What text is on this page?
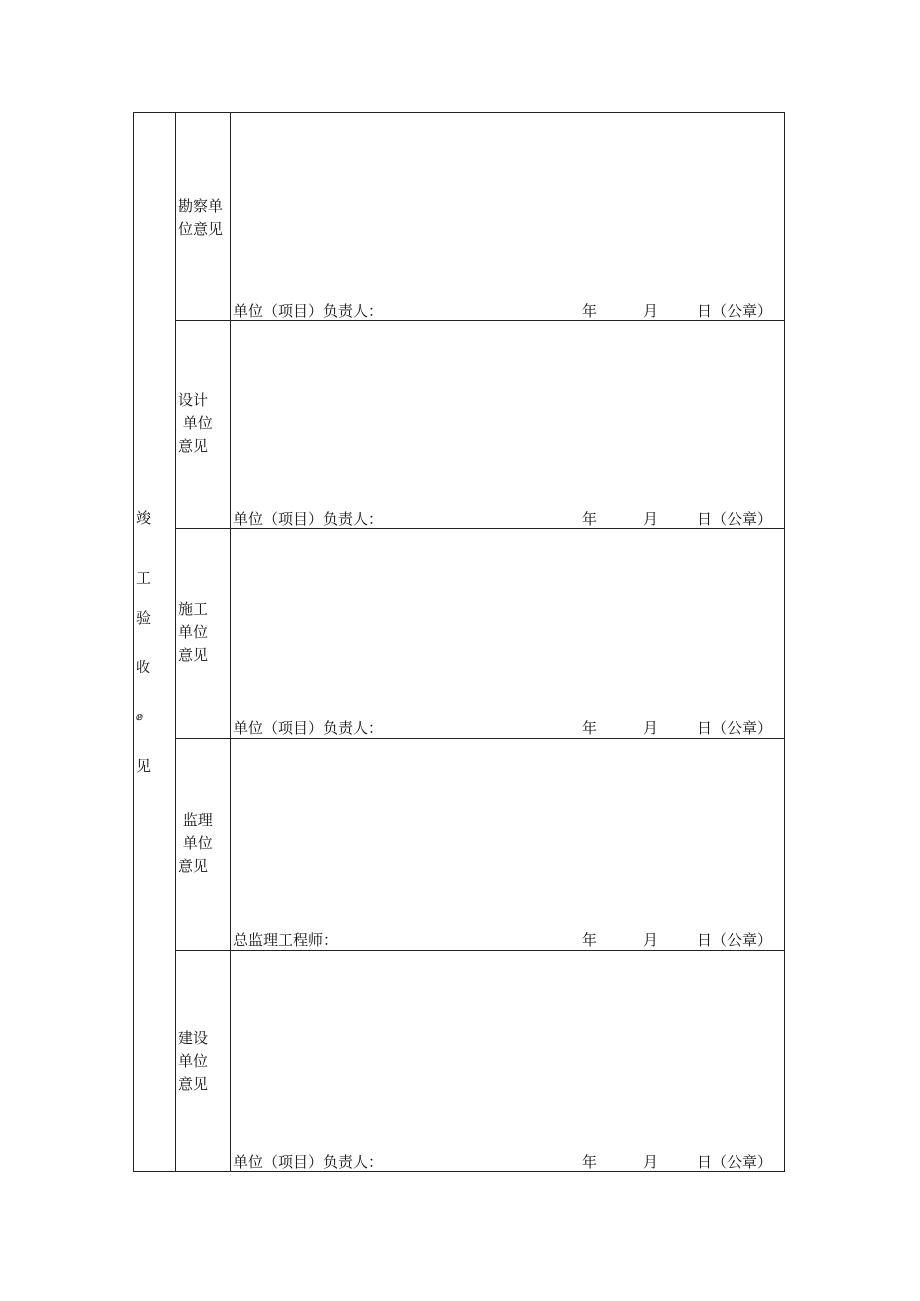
竣
工
验
收
ⅇ
见
勘察单
位意见
单位（项目）负责人：	年	月	日（公章）
设计
单位
意见
单位（项目）负责人：	年	月	日（公章）
施工
单位
意见
单位（项目）负责人：	年	月	日（公章）
监理
单位
意见
总监理工程师：	年	月	日（公章）
建设
单位
意见
单位（项目）负责人：	年	月	日（公章）
